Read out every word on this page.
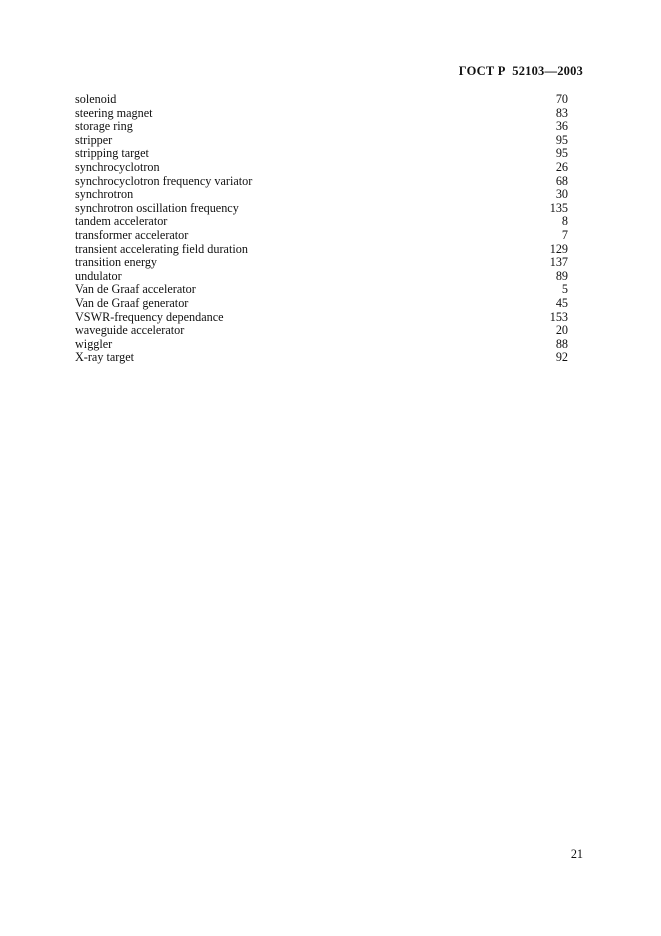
ГОСТ Р  52103—2003
solenoid	70
steering magnet	83
storage ring	36
stripper	95
stripping target	95
synchrocyclotron	26
synchrocyclotron frequency variator	68
synchrotron	30
synchrotron oscillation frequency	135
tandem accelerator	8
transformer accelerator	7
transient accelerating field duration	129
transition energy	137
undulator	89
Van de Graaf accelerator	5
Van de Graaf generator	45
VSWR-frequency dependance	153
waveguide accelerator	20
wiggler	88
X-ray target	92
21
